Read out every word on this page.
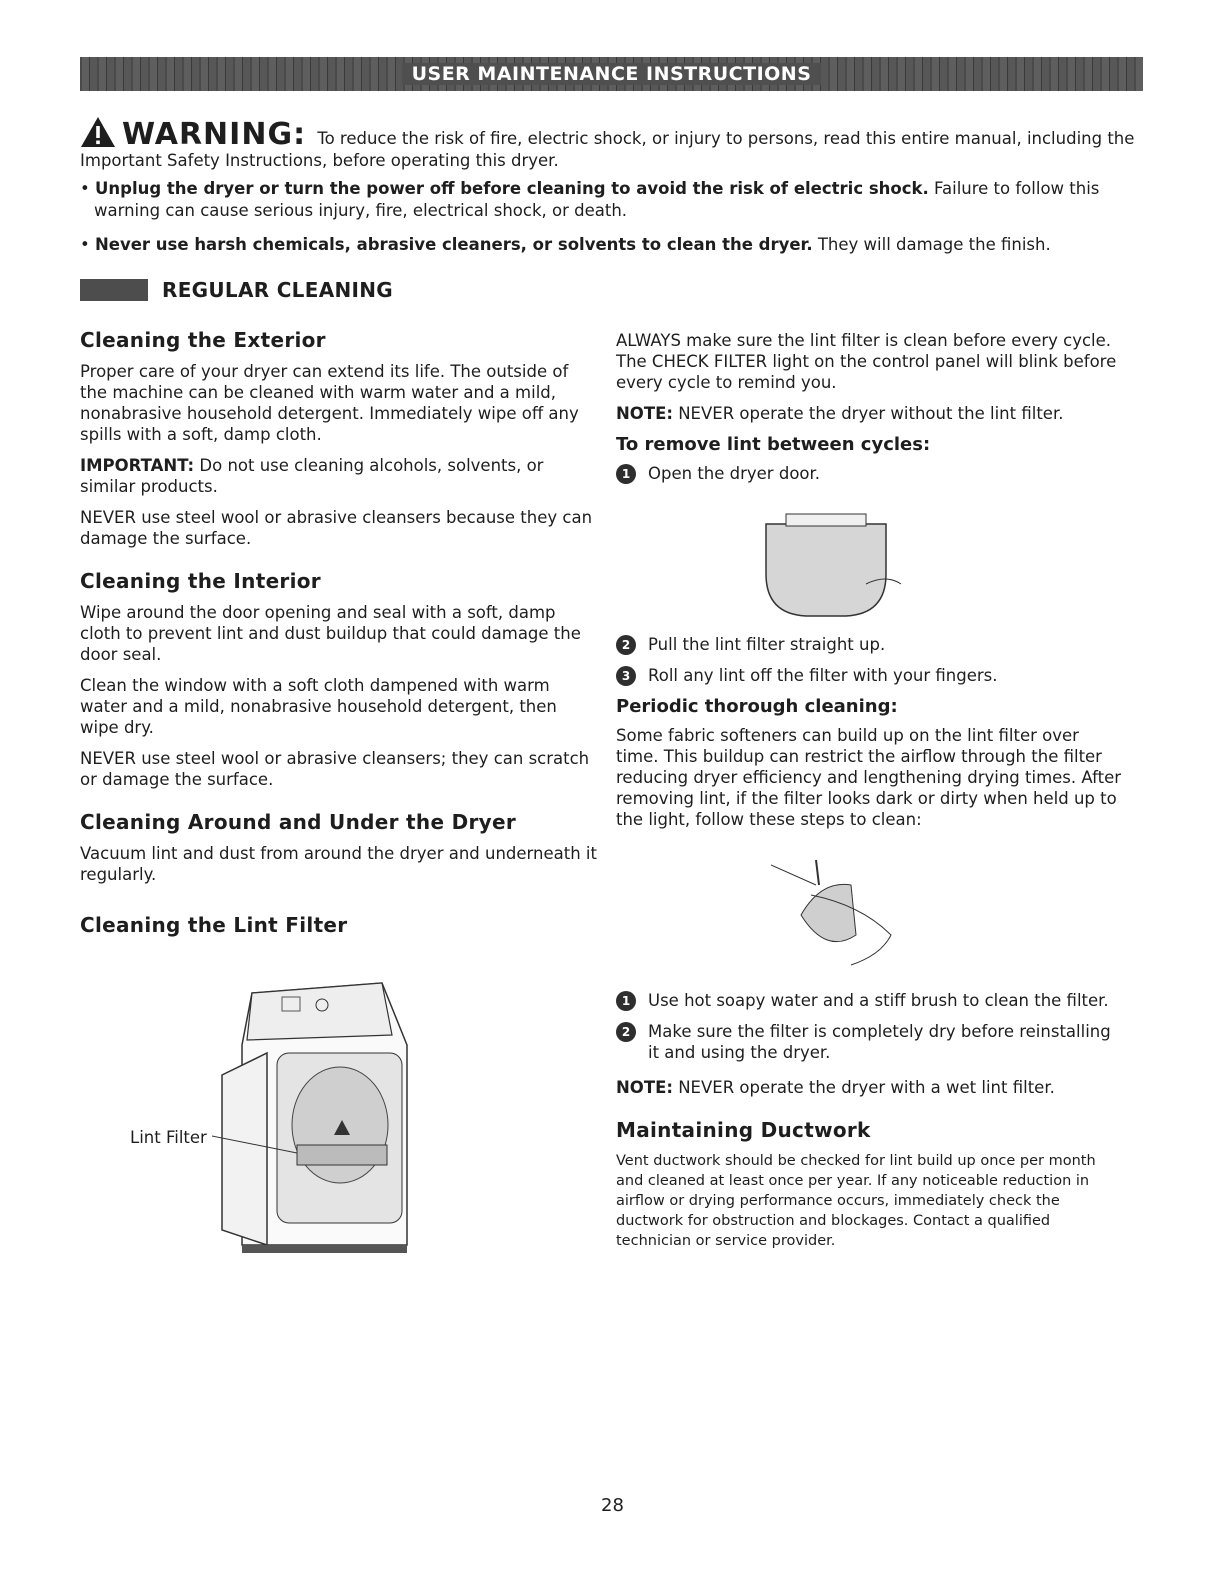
USER MAINTENANCE INSTRUCTIONS
WARNING: To reduce the risk of fire, electric shock, or injury to persons, read this entire manual, including the Important Safety Instructions, before operating this dryer.

• Unplug the dryer or turn the power off before cleaning to avoid the risk of electric shock. Failure to follow this warning can cause serious injury, fire, electrical shock, or death.

• Never use harsh chemicals, abrasive cleaners, or solvents to clean the dryer. They will damage the finish.

REGULAR CLEANING
Cleaning the Exterior

Proper care of your dryer can extend its life. The outside of the machine can be cleaned with warm water and a mild, nonabrasive household detergent. Immediately wipe off any spills with a soft, damp cloth.

IMPORTANT: Do not use cleaning alcohols, solvents, or similar products.

NEVER use steel wool or abrasive cleansers because they can damage the surface.

Cleaning the Interior

Wipe around the door opening and seal with a soft, damp cloth to prevent lint and dust buildup that could damage the door seal.

Clean the window with a soft cloth dampened with warm water and a mild, nonabrasive household detergent, then wipe dry.

NEVER use steel wool or abrasive cleansers; they can scratch or damage the surface.

Cleaning Around and Under the Dryer

Vacuum lint and dust from around the dryer and underneath it regularly.

Cleaning the Lint Filter
Lint Filter

ALWAYS make sure the lint filter is clean before every cycle. The CHECK FILTER light on the control panel will blink before every cycle to remind you.

NOTE: NEVER operate the dryer without the lint filter.

To remove lint between cycles:
1	Open the dryer door.
2	Pull the lint filter straight up.
3	Roll any lint off the filter with your fingers.
Periodic thorough cleaning:

Some fabric softeners can build up on the lint filter over time. This buildup can restrict the airflow through the filter reducing dryer efficiency and lengthening drying times. After removing lint, if the filter looks dark or dirty when held up to the light, follow these steps to clean:

1	Use hot soapy water and a stiff brush to clean the filter.
2	Make sure the filter is completely dry before reinstalling it and using the dryer.

NOTE: NEVER operate the dryer with a wet lint filter.

Maintaining Ductwork

Vent ductwork should be checked for lint build up once per month and cleaned at least once per year. If any noticeable reduction in airflow or drying performance occurs, immediately check the ductwork for obstruction and blockages. Contact a qualified technician or service provider.

28
